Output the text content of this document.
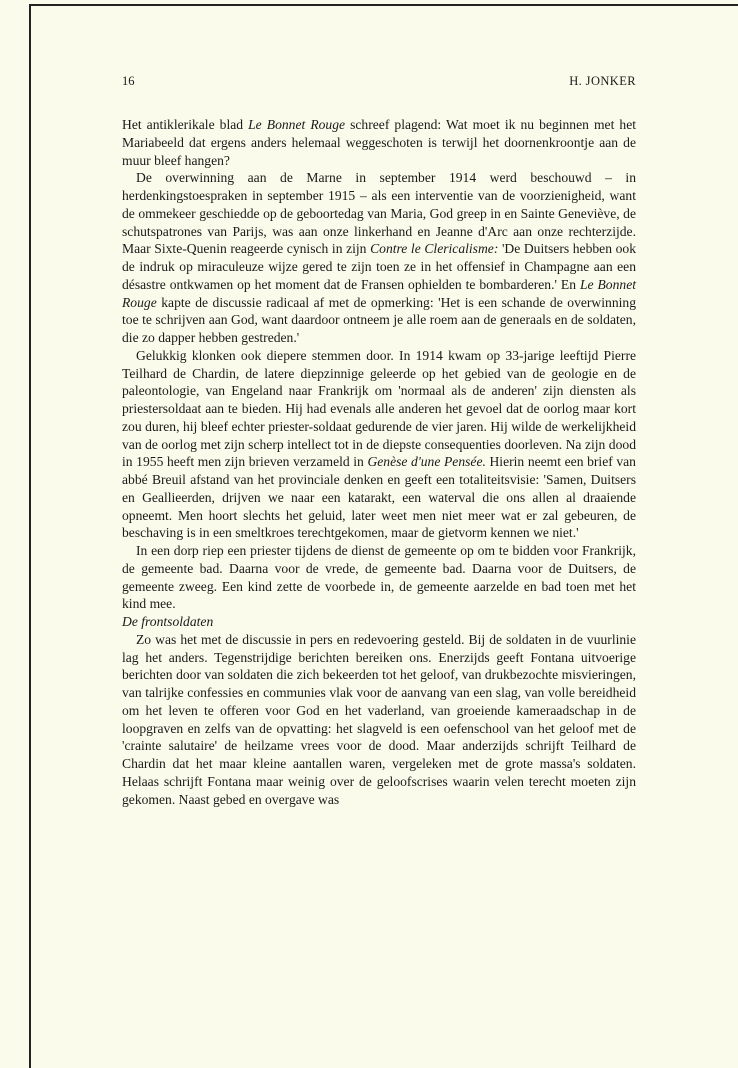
16	H. JONKER

Het antiklerikale blad Le Bonnet Rouge schreef plagend: Wat moet ik nu beginnen met het Mariabeeld dat ergens anders helemaal weggeschoten is terwijl het doornenkroontje aan de muur bleef hangen?

De overwinning aan de Marne in september 1914 werd beschouwd – in herdenkingstoespraken in september 1915 – als een interventie van de voorzienigheid, want de ommekeer geschiedde op de geboortedag van Maria, God greep in en Sainte Geneviève, de schutspatrones van Parijs, was aan onze linkerhand en Jeanne d'Arc aan onze rechterzijde. Maar Sixte-Quenin reageerde cynisch in zijn Contre le Clericalisme: 'De Duitsers hebben ook de indruk op miraculeuze wijze gered te zijn toen ze in het offensief in Champagne aan een désastre ontkwamen op het moment dat de Fransen ophielden te bombarderen.' En Le Bonnet Rouge kapte de discussie radicaal af met de opmerking: 'Het is een schande de overwinning toe te schrijven aan God, want daardoor ontneem je alle roem aan de generaals en de soldaten, die zo dapper hebben gestreden.'

Gelukkig klonken ook diepere stemmen door. In 1914 kwam op 33-jarige leeftijd Pierre Teilhard de Chardin, de latere diepzinnige geleerde op het gebied van de geologie en de paleontologie, van Engeland naar Frankrijk om 'normaal als de anderen' zijn diensten als priestersoldaat aan te bieden. Hij had evenals alle anderen het gevoel dat de oorlog maar kort zou duren, hij bleef echter priester-soldaat gedurende de vier jaren. Hij wilde de werkelijkheid van de oorlog met zijn scherp intellect tot in de diepste consequenties doorleven. Na zijn dood in 1955 heeft men zijn brieven verzameld in Genèse d'une Pensée. Hierin neemt een brief van abbé Breuil afstand van het provinciale denken en geeft een totaliteitsvisie: 'Samen, Duitsers en Geallieerden, drijven we naar een katarakt, een waterval die ons allen al draaiende opneemt. Men hoort slechts het geluid, later weet men niet meer wat er zal gebeuren, de beschaving is in een smeltkroes terechtgekomen, maar de gietvorm kennen we niet.'

In een dorp riep een priester tijdens de dienst de gemeente op om te bidden voor Frankrijk, de gemeente bad. Daarna voor de vrede, de gemeente bad. Daarna voor de Duitsers, de gemeente zweeg. Een kind zette de voorbede in, de gemeente aarzelde en bad toen met het kind mee.

De frontsoldaten

Zo was het met de discussie in pers en redevoering gesteld. Bij de soldaten in de vuurlinie lag het anders. Tegenstrijdige berichten bereiken ons. Enerzijds geeft Fontana uitvoerige berichten door van soldaten die zich bekeerden tot het geloof, van drukbezochte misvieringen, van talrijke confessies en communies vlak voor de aanvang van een slag, van volle bereidheid om het leven te offeren voor God en het vaderland, van groeiende kameraadschap in de loopgraven en zelfs van de opvatting: het slagveld is een oefenschool van het geloof met de 'crainte salutaire' de heilzame vrees voor de dood. Maar anderzijds schrijft Teilhard de Chardin dat het maar kleine aantallen waren, vergeleken met de grote massa's soldaten. Helaas schrijft Fontana maar weinig over de geloofscrises waarin velen terecht moeten zijn gekomen. Naast gebed en overgave was
